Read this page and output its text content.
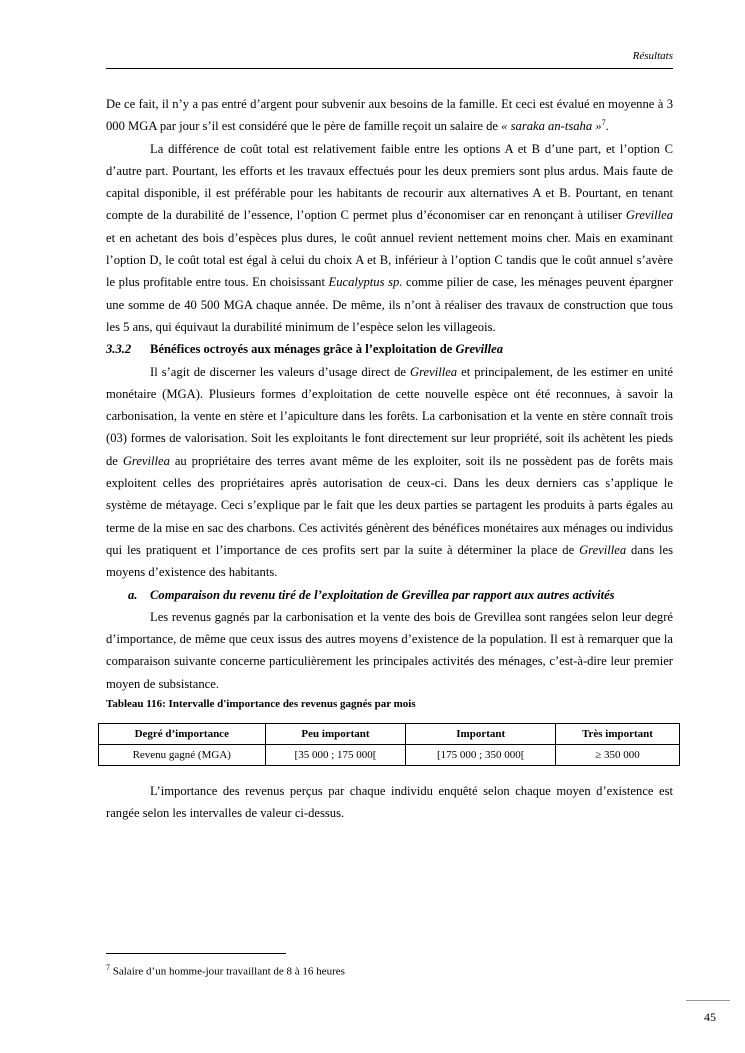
Résultats

De ce fait, il n’y a pas entré d’argent pour subvenir aux besoins de la famille. Et ceci est évalué en moyenne à 3 000 MGA par jour s’il est considéré que le père de famille reçoit un salaire de « saraka an-tsaha »$^7$.

La différence de coût total est relativement faible entre les options A et B d’une part, et l’option C d’autre part. Pourtant, les efforts et les travaux effectués pour les deux premiers sont plus ardus. Mais faute de capital disponible, il est préférable pour les habitants de recourir aux alternatives A et B. Pourtant, en tenant compte de la durabilité de l’essence, l’option C permet plus d’économiser car en renonçant à utiliser Grevillea et en achetant des bois d’espèces plus dures, le coût annuel revient nettement moins cher. Mais en examinant l’option D, le coût total est égal à celui du choix A et B, inférieur à l’option C tandis que le coût annuel s’avère le plus profitable entre tous. En choisissant Eucalyptus sp. comme pilier de case, les ménages peuvent épargner une somme de 40 500 MGA chaque année. De même, ils n’ont à réaliser des travaux de construction que tous les 5 ans, qui équivaut la durabilité minimum de l’espèce selon les villageois.

3.3.2 Bénéfices octroyés aux ménages grâce à l’exploitation de Grevillea

Il s’agit de discerner les valeurs d’usage direct de Grevillea et principalement, de les estimer en unité monétaire (MGA). Plusieurs formes d’exploitation de cette nouvelle espèce ont été reconnues, à savoir la carbonisation, la vente en stère et l’apiculture dans les forêts. La carbonisation et la vente en stère connaît trois (03) formes de valorisation. Soit les exploitants le font directement sur leur propriété, soit ils achètent les pieds de Grevillea au propriétaire des terres avant même de les exploiter, soit ils ne possèdent pas de forêts mais exploitent celles des propriétaires après autorisation de ceux-ci. Dans les deux derniers cas s’applique le système de métayage. Ceci s’explique par le fait que les deux parties se partagent les produits à parts égales au terme de la mise en sac des charbons. Ces activités génèrent des bénéfices monétaires aux ménages ou individus qui les pratiquent et l’importance de ces profits sert par la suite à déterminer la place de Grevillea dans les moyens d’existence des habitants.

a. Comparaison du revenu tiré de l’exploitation de Grevillea par rapport aux autres activités

Les revenus gagnés par la carbonisation et la vente des bois de Grevillea sont rangées selon leur degré d’importance, de même que ceux issus des autres moyens d’existence de la population. Il est à remarquer que la comparaison suivante concerne particulièrement les principales activités des ménages, c’est-à-dire leur premier moyen de subsistance.

Tableau 116: Intervalle d'importance des revenus gagnés par mois

Degré d’importance	Peu important	Important	Très important
Revenu gagné (MGA)	[35 000 ; 175 000[	[175 000 ; 350 000[	≥ 350 000

L’importance des revenus perçus par chaque individu enquêté selon chaque moyen d’existence est rangée selon les intervalles de valeur ci-dessus.

$^7$ Salaire d’un homme-jour travaillant de 8 à 16 heures
45
